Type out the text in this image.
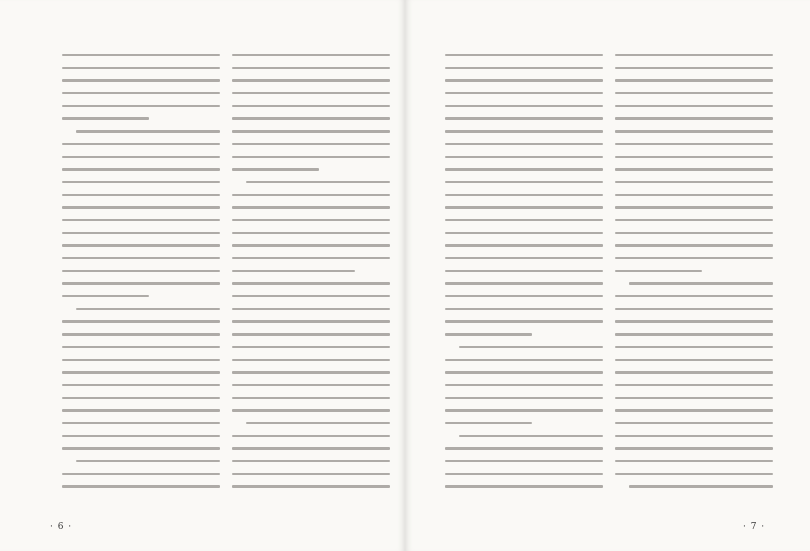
· 6 ·	· 7 ·
